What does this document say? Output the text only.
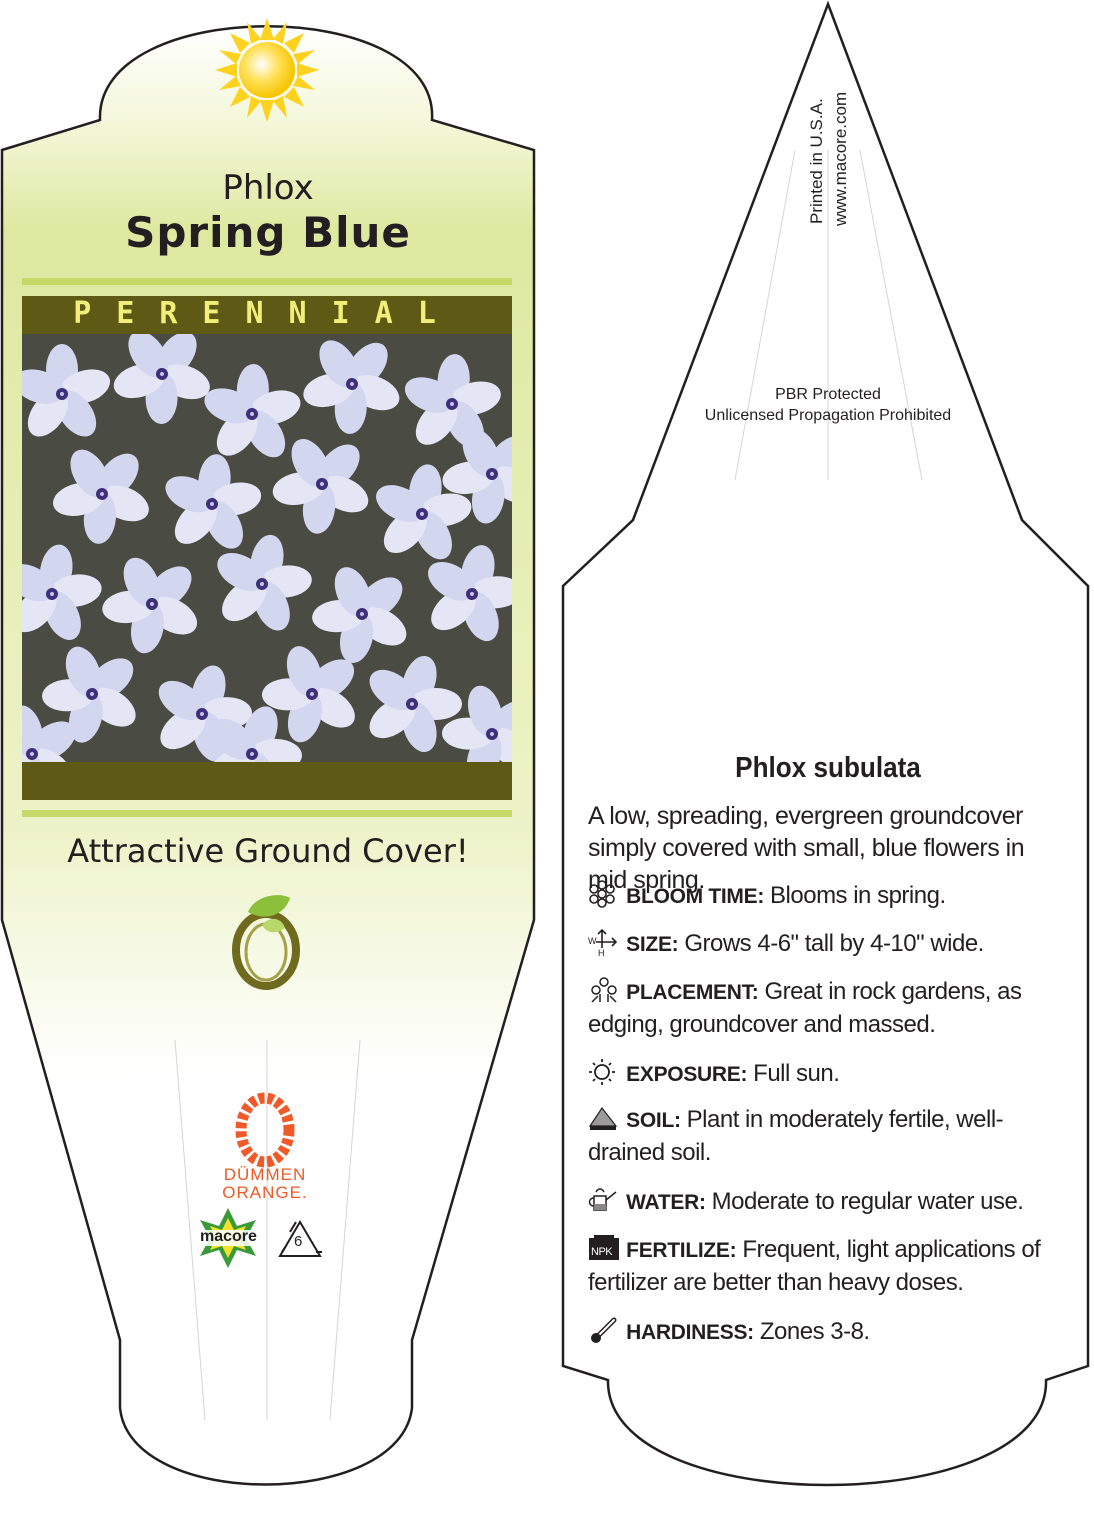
Phlox
Spring Blue
PERENNIAL
Attractive Ground Cover!
DÜMMEN
ORANGE.
macore 6
Printed in U.S.A. www.macore.com
PBR Protected
Unlicensed Propagation Prohibited
Phlox subulata
A low, spreading, evergreen groundcover simply covered with small, blue flowers in mid spring.
BLOOM TIME: Blooms in spring.
W
H SIZE: Grows 4-6" tall by 4-10" wide.
PLACEMENT: Great in rock gardens, as edging, groundcover and massed.
EXPOSURE: Full sun.
SOIL: Plant in moderately fertile, well-drained soil.
WATER: Moderate to regular water use.
NPK FERTILIZE: Frequent, light applications of fertilizer are better than heavy doses.
HARDINESS: Zones 3-8.
